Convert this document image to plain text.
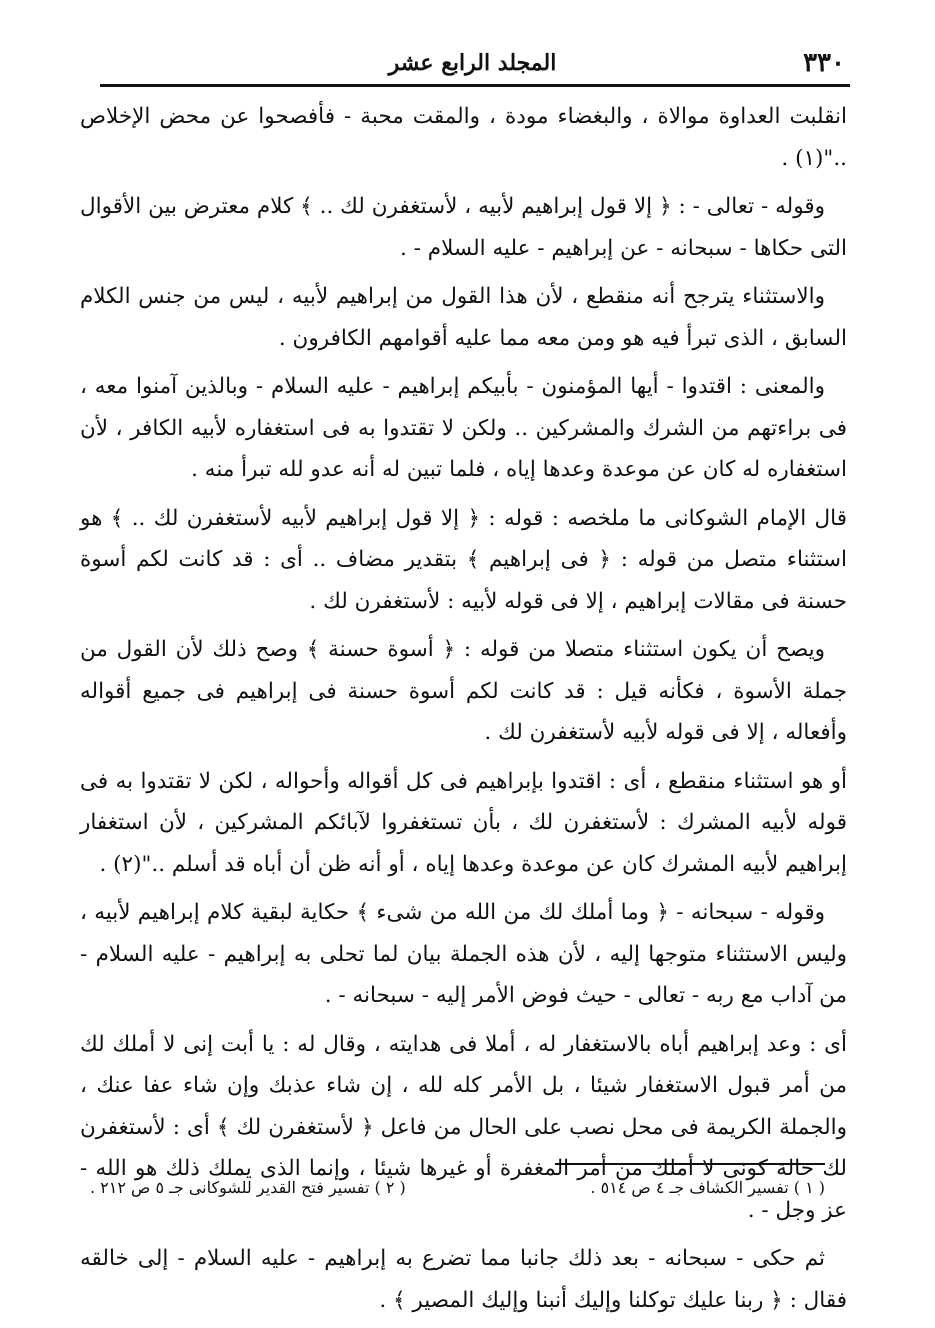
٣٣٠
المجلد الرابع عشر

انقلبت العداوة موالاة ، والبغضاء مودة ، والمقت محبة - فأفصحوا عن محض الإخلاص .."(١) .

وقوله - تعالى - : ﴿ إلا قول إبراهيم لأبيه ، لأستغفرن لك .. ﴾ كلام معترض بين الأقوال التى حكاها - سبحانه - عن إبراهيم - عليه السلام - .

والاستثناء يترجح أنه منقطع ، لأن هذا القول من إبراهيم لأبيه ، ليس من جنس الكلام السابق ، الذى تبرأ فيه هو ومن معه مما عليه أقوامهم الكافرون .

والمعنى : اقتدوا - أيها المؤمنون - بأبيكم إبراهيم - عليه السلام - وبالذين آمنوا معه ، فى براءتهم من الشرك والمشركين .. ولكن لا تقتدوا به فى استغفاره لأبيه الكافر ، لأن استغفاره له كان عن موعدة وعدها إياه ، فلما تبين له أنه عدو لله تبرأ منه .

قال الإمام الشوكانى ما ملخصه : قوله : ﴿ إلا قول إبراهيم لأبيه لأستغفرن لك .. ﴾ هو استثناء متصل من قوله : ﴿ فى إبراهيم ﴾ بتقدير مضاف .. أى : قد كانت لكم أسوة حسنة فى مقالات إبراهيم ، إلا فى قوله لأبيه : لأستغفرن لك .

ويصح أن يكون استثناء متصلا من قوله : ﴿ أسوة حسنة ﴾ وصح ذلك لأن القول من جملة الأسوة ، فكأنه قيل : قد كانت لكم أسوة حسنة فى إبراهيم فى جميع أقواله وأفعاله ، إلا فى قوله لأبيه لأستغفرن لك .

أو هو استثناء منقطع ، أى : اقتدوا بإبراهيم فى كل أقواله وأحواله ، لكن لا تقتدوا به فى قوله لأبيه المشرك : لأستغفرن لك ، بأن تستغفروا لآبائكم المشركين ، لأن استغفار إبراهيم لأبيه المشرك كان عن موعدة وعدها إياه ، أو أنه ظن أن أباه قد أسلم .."(٢) .

وقوله - سبحانه - ﴿ وما أملك لك من الله من شىء ﴾ حكاية لبقية كلام إبراهيم لأبيه ، وليس الاستثناء متوجها إليه ، لأن هذه الجملة بيان لما تحلى به إبراهيم - عليه السلام - من آداب مع ربه - تعالى - حيث فوض الأمر إليه - سبحانه - .

أى : وعد إبراهيم أباه بالاستغفار له ، أملا فى هدايته ، وقال له : يا أبت إنى لا أملك لك من أمر قبول الاستغفار شيئا ، بل الأمر كله لله ، إن شاء عذبك وإن شاء عفا عنك ، والجملة الكريمة فى محل نصب على الحال من فاعل ﴿ لأستغفرن لك ﴾ أى : لأستغفرن لك حالة كونى لا أملك من أمر المغفرة أو غيرها شيئا ، وإنما الذى يملك ذلك هو الله - عز وجل - .

ثم حكى - سبحانه - بعد ذلك جانبا مما تضرع به إبراهيم - عليه السلام - إلى خالقه فقال : ﴿ ربنا عليك توكلنا وإليك أنبنا وإليك المصير ﴾ .

( ١ ) تفسير الكشاف جـ ٤ ص ٥١٤ .
( ٢ ) تفسير فتح القدير للشوكانى جـ ٥ ص ٢١٢ .
